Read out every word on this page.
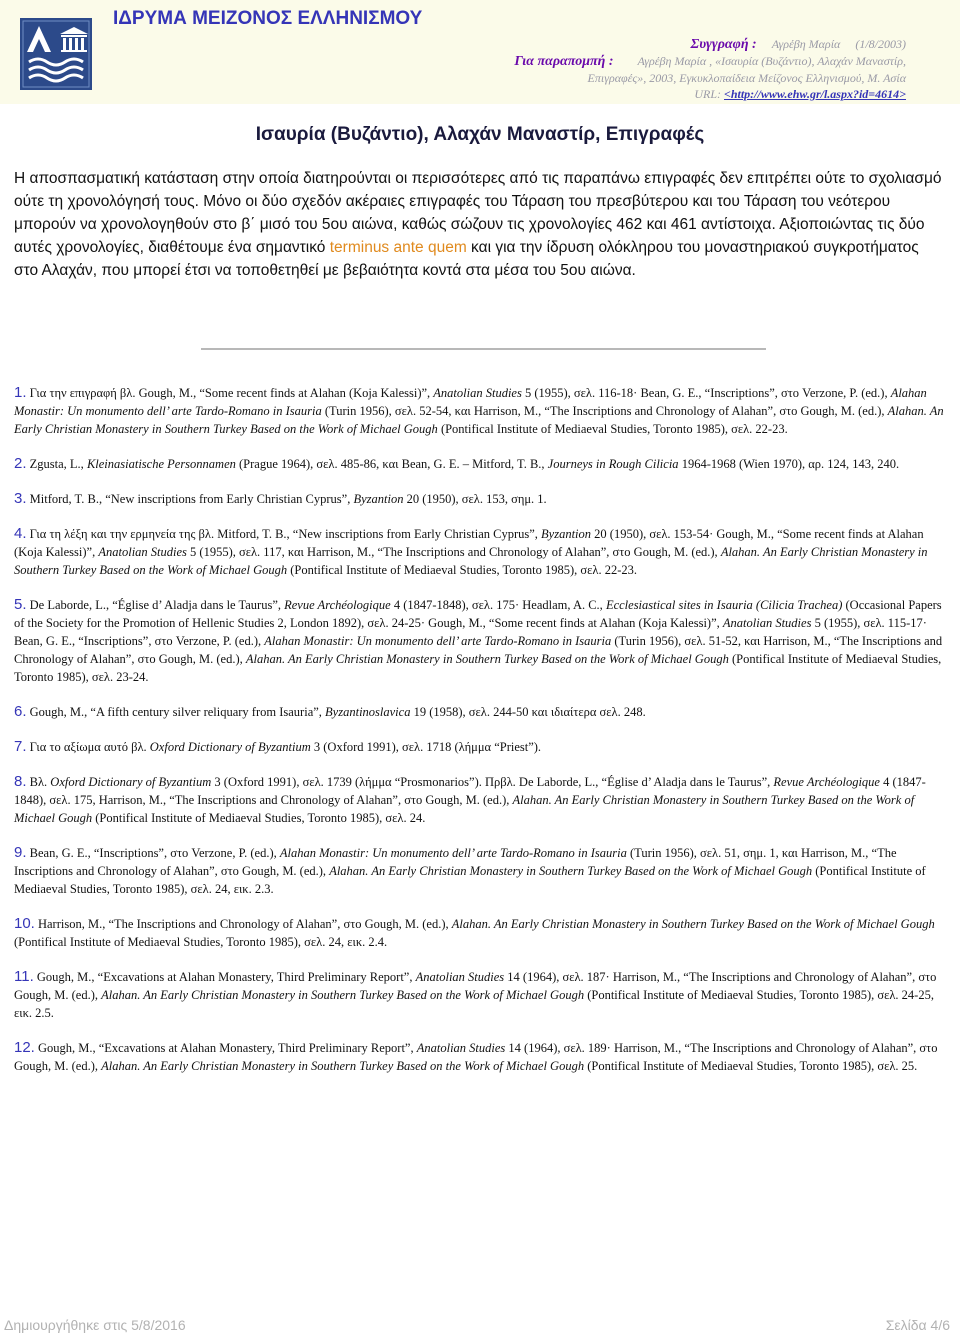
ΙΔΡΥΜΑ ΜΕΙΖΟΝΟΣ ΕΛΛΗΝΙΣΜΟΥ
Συγγραφή : Αγρέβη Μαρία (1/8/2003)
Για παραπομπή : Αγρέβη Μαρία , «Ισαυρία (Βυζάντιο), Αλαχάν Μαναστίρ,
Επιγραφές», 2003, Εγκυκλοπαίδεια Μείζονος Ελληνισμού, Μ. Ασία
URL: <http://www.ehw.gr/l.aspx?id=4614>
Ισαυρία (Βυζάντιο), Αλαχάν Μαναστίρ, Επιγραφές
Η αποσπασματική κατάσταση στην οποία διατηρούνται οι περισσότερες από τις παραπάνω επιγραφές δεν επιτρέπει ούτε το σχολιασμό ούτε τη χρονολόγησή τους. Μόνο οι δύο σχεδόν ακέραιες επιγραφές του Τάραση του πρεσβύτερου και του Τάραση του νεότερου μπορούν να χρονολογηθούν στο β΄ μισό του 5ου αιώνα, καθώς σώζουν τις χρονολογίες 462 και 461 αντίστοιχα. Αξιοποιώντας τις δύο αυτές χρονολογίες, διαθέτουμε ένα σημαντικό terminus ante quem και για την ίδρυση ολόκληρου του μοναστηριακού συγκροτήματος στο Αλαχάν, που μπορεί έτσι να τοποθετηθεί με βεβαιότητα κοντά στα μέσα του 5ου αιώνα.
1. Για την επιγραφή βλ. Gough, M., “Some recent finds at Alahan (Koja Kalessi)”, Anatolian Studies 5 (1955), σελ. 116-18· Bean, G. E., “Inscriptions”, στο Verzone, P. (ed.), Alahan Monastir: Un monumento dell’ arte Tardo-Romano in Isauria (Turin 1956), σελ. 52-54, και Harrison, M., “The Inscriptions and Chronology of Alahan”, στο Gough, M. (ed.), Alahan. An Early Christian Monastery in Southern Turkey Based on the Work of Michael Gough (Pontifical Institute of Mediaeval Studies, Toronto 1985), σελ. 22-23.
2. Zgusta, L., Kleinasiatische Personnamen (Prague 1964), σελ. 485-86, και Bean, G. E. – Mitford, T. B., Journeys in Rough Cilicia 1964-1968 (Wien 1970), αρ. 124, 143, 240.
3. Mitford, T. B., “New inscriptions from Early Christian Cyprus”, Byzantion 20 (1950), σελ. 153, σημ. 1.
4. Για τη λέξη και την ερμηνεία της βλ. Mitford, T. B., “New inscriptions from Early Christian Cyprus”, Byzantion 20 (1950), σελ. 153-54· Gough, M., “Some recent finds at Alahan (Koja Kalessi)”, Anatolian Studies 5 (1955), σελ. 117, και Harrison, M., “The Inscriptions and Chronology of Alahan”, στο Gough, M. (ed.), Alahan. An Early Christian Monastery in Southern Turkey Based on the Work of Michael Gough (Pontifical Institute of Mediaeval Studies, Toronto 1985), σελ. 22-23.
5. De Laborde, L., “Église d’ Aladja dans le Taurus”, Revue Archéologique 4 (1847-1848), σελ. 175· Headlam, A. C., Ecclesiastical sites in Isauria (Cilicia Trachea) (Occasional Papers of the Society for the Promotion of Hellenic Studies 2, London 1892), σελ. 24-25· Gough, M., “Some recent finds at Alahan (Koja Kalessi)”, Anatolian Studies 5 (1955), σελ. 115-17· Bean, G. E., “Inscriptions”, στο Verzone, P. (ed.), Alahan Monastir: Un monumento dell’ arte Tardo-Romano in Isauria (Turin 1956), σελ. 51-52, και Harrison, M., “The Inscriptions and Chronology of Alahan”, στο Gough, M. (ed.), Alahan. An Early Christian Monastery in Southern Turkey Based on the Work of Michael Gough (Pontifical Institute of Mediaeval Studies, Toronto 1985), σελ. 23-24.
6. Gough, M., “A fifth century silver reliquary from Isauria”, Byzantinoslavica 19 (1958), σελ. 244-50 και ιδιαίτερα σελ. 248.
7. Για το αξίωμα αυτό βλ. Oxford Dictionary of Byzantium 3 (Oxford 1991), σελ. 1718 (λήμμα “Priest”).
8. Βλ. Oxford Dictionary of Byzantium 3 (Oxford 1991), σελ. 1739 (λήμμα “Prosmonarios”). Πρβλ. De Laborde, L., “Église d’ Aladja dans le Taurus”, Revue Archéologique 4 (1847-1848), σελ. 175, Harrison, M., “The Inscriptions and Chronology of Alahan”, στο Gough, M. (ed.), Alahan. An Early Christian Monastery in Southern Turkey Based on the Work of Michael Gough (Pontifical Institute of Mediaeval Studies, Toronto 1985), σελ. 24.
9. Bean, G. E., “Inscriptions”, στο Verzone, P. (ed.), Alahan Monastir: Un monumento dell’ arte Tardo-Romano in Isauria (Turin 1956), σελ. 51, σημ. 1, και Harrison, M., “The Inscriptions and Chronology of Alahan”, στο Gough, M. (ed.), Alahan. An Early Christian Monastery in Southern Turkey Based on the Work of Michael Gough (Pontifical Institute of Mediaeval Studies, Toronto 1985), σελ. 24, εικ. 2.3.
10. Harrison, M., “The Inscriptions and Chronology of Alahan”, στο Gough, M. (ed.), Alahan. An Early Christian Monastery in Southern Turkey Based on the Work of Michael Gough (Pontifical Institute of Mediaeval Studies, Toronto 1985), σελ. 24, εικ. 2.4.
11. Gough, M., “Excavations at Alahan Monastery, Third Preliminary Report”, Anatolian Studies 14 (1964), σελ. 187· Harrison, M., “The Inscriptions and Chronology of Alahan”, στο Gough, M. (ed.), Alahan. An Early Christian Monastery in Southern Turkey Based on the Work of Michael Gough (Pontifical Institute of Mediaeval Studies, Toronto 1985), σελ. 24-25, εικ. 2.5.
12. Gough, M., “Excavations at Alahan Monastery, Third Preliminary Report”, Anatolian Studies 14 (1964), σελ. 189· Harrison, M., “The Inscriptions and Chronology of Alahan”, στο Gough, M. (ed.), Alahan. An Early Christian Monastery in Southern Turkey Based on the Work of Michael Gough (Pontifical Institute of Mediaeval Studies, Toronto 1985), σελ. 25.
Δημιουργήθηκε στις 5/8/2016	Σελίδα 4/6
